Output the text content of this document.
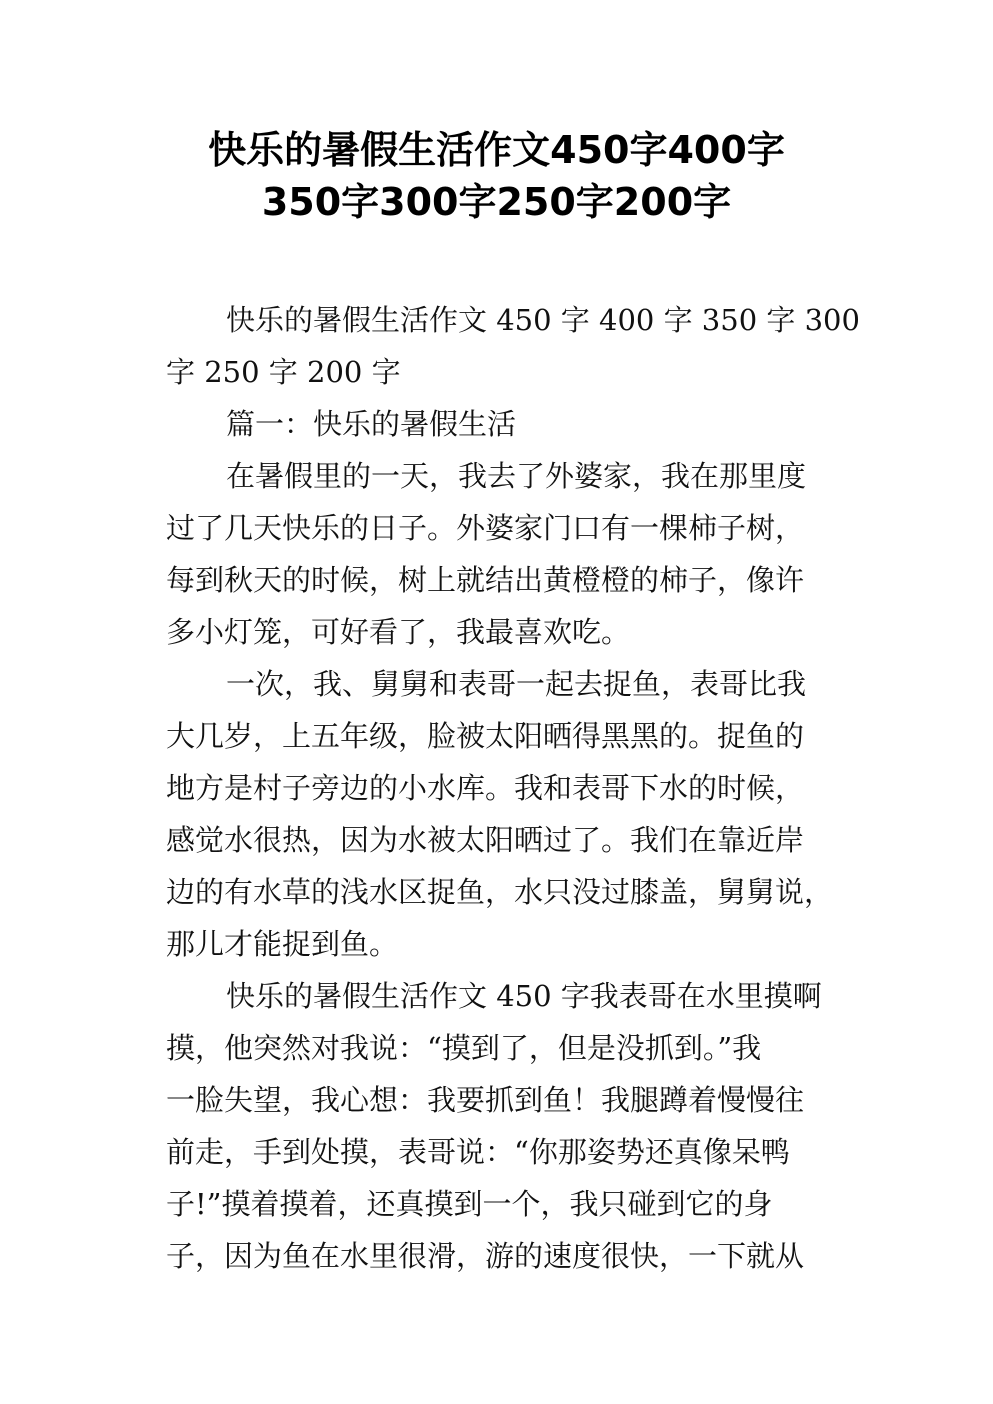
快乐的暑假生活作文450字400字
350字300字250字200字
快乐的暑假生活作文 450 字 400 字 350 字 300
字 250 字 200 字
篇一：快乐的暑假生活
在暑假里的一天，我去了外婆家，我在那里度
过了几天快乐的日子。外婆家门口有一棵柿子树，
每到秋天的时候，树上就结出黄橙橙的柿子，像许
多小灯笼，可好看了，我最喜欢吃。
一次，我、舅舅和表哥一起去捉鱼，表哥比我
大几岁，上五年级，脸被太阳晒得黑黑的。捉鱼的
地方是村子旁边的小水库。我和表哥下水的时候，
感觉水很热，因为水被太阳晒过了。我们在靠近岸
边的有水草的浅水区捉鱼，水只没过膝盖，舅舅说，
那儿才能捉到鱼。
快乐的暑假生活作文 450 字我表哥在水里摸啊
摸，他突然对我说：“摸到了，但是没抓到。”我
一脸失望，我心想：我要抓到鱼！我腿蹲着慢慢往
前走，手到处摸，表哥说：“你那姿势还真像呆鸭
子!”摸着摸着，还真摸到一个，我只碰到它的身
子，因为鱼在水里很滑，游的速度很快，一下就从
